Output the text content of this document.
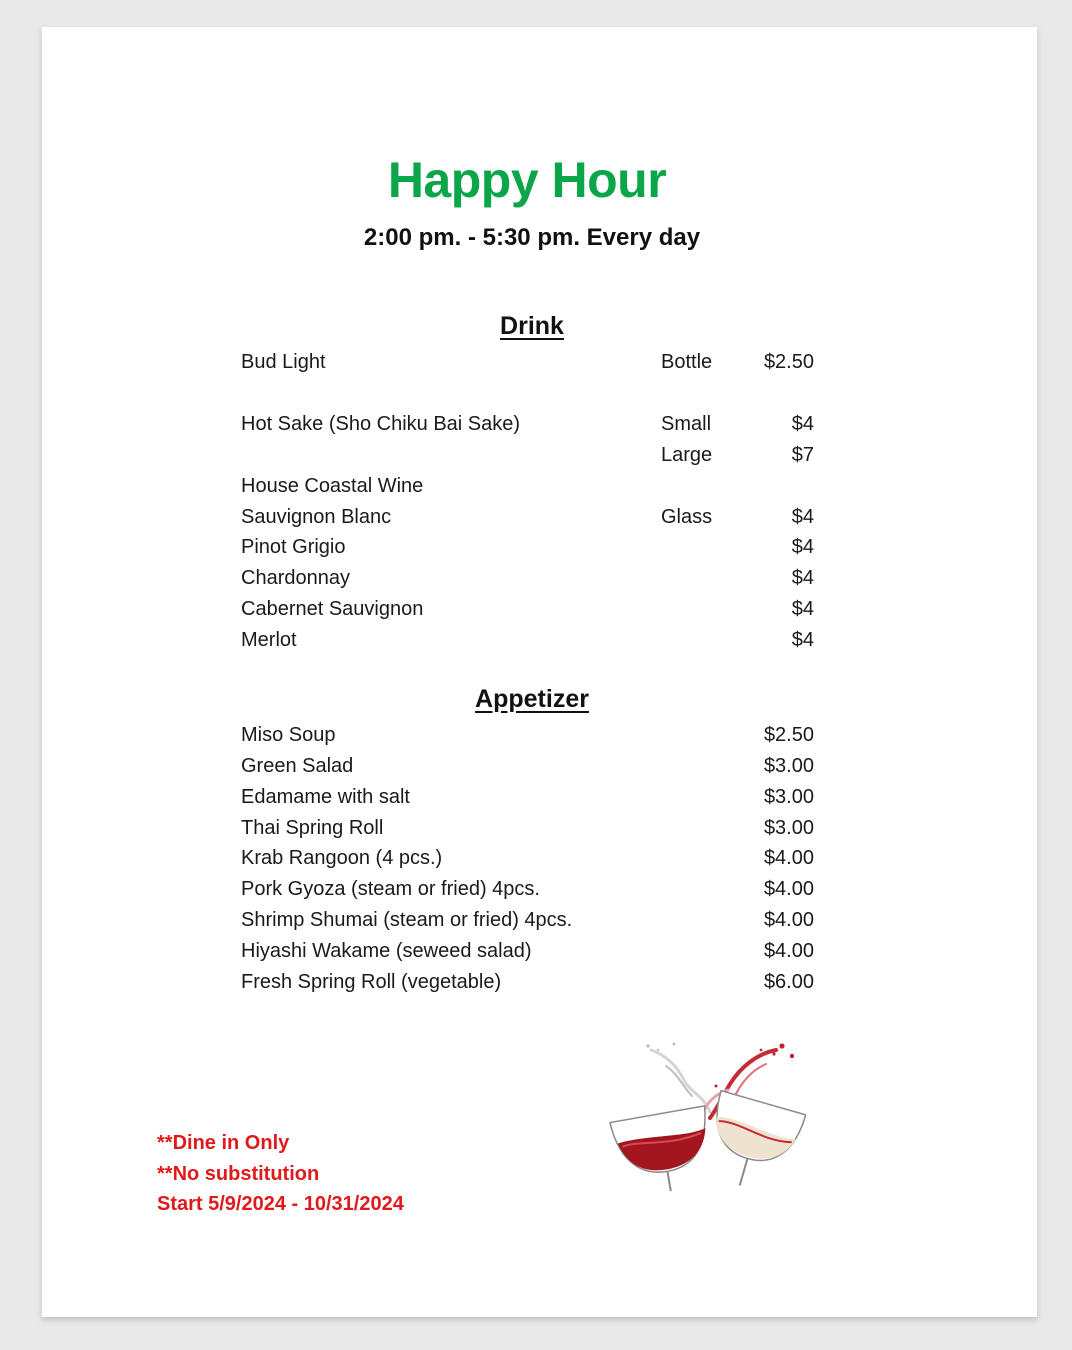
Happy Hour
2:00 pm. - 5:30 pm. Every day
Drink
Bud Light	Bottle	$2.50
Hot Sake (Sho Chiku Bai Sake)	Small	$4
Large	$7
House Coastal Wine
Sauvignon Blanc	Glass	$4
Pinot Grigio	$4
Chardonnay	$4
Cabernet Sauvignon	$4
Merlot	$4
Appetizer
Miso Soup	$2.50
Green Salad	$3.00
Edamame with salt	$3.00
Thai Spring Roll	$3.00
Krab Rangoon (4 pcs.)	$4.00
Pork Gyoza (steam or fried) 4pcs.	$4.00
Shrimp Shumai (steam or fried) 4pcs.	$4.00
Hiyashi Wakame (seweed salad)	$4.00
Fresh Spring Roll (vegetable)	$6.00
**Dine in Only
**No substitution
Start 5/9/2024 - 10/31/2024
